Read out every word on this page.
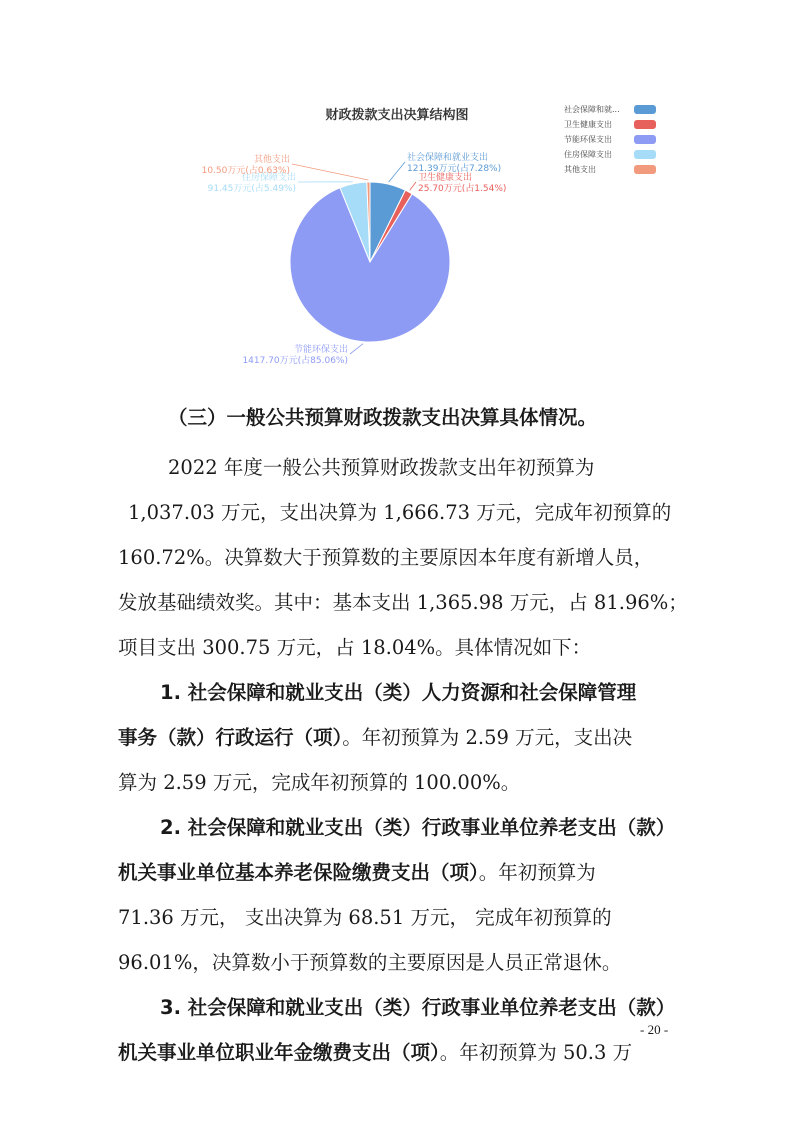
财政拨款支出决算结构图
社会保障和就业支出
121.39万元(占7.28%)
卫生健康支出
25.70万元(占1.54%)
节能环保支出
1417.70万元(占85.06%)
住房保障支出
91.45万元(占5.49%)
其他支出
10.50万元(占0.63%)
社会保障和就...
卫生健康支出
节能环保支出
住房保障支出
其他支出
（三）一般公共预算财政拨款支出决算具体情况。
2022 年度一般公共预算财政拨款支出年初预算为
1,037.03 万元，支出决算为 1,666.73 万元，完成年初预算的
160.72%。决算数大于预算数的主要原因本年度有新增人员，
发放基础绩效奖。其中：基本支出 1,365.98 万元，占 81.96%；
项目支出 300.75 万元，占 18.04%。具体情况如下：
1. 社会保障和就业支出（类）人力资源和社会保障管理
事务（款）行政运行（项）。年初预算为 2.59 万元，支出决
算为 2.59 万元，完成年初预算的 100.00%。
2. 社会保障和就业支出（类）行政事业单位养老支出（款）
机关事业单位基本养老保险缴费支出（项）。年初预算为
71.36 万元， 支出决算为 68.51 万元， 完成年初预算的
96.01%，决算数小于预算数的主要原因是人员正常退休。
3. 社会保障和就业支出（类）行政事业单位养老支出（款）
机关事业单位职业年金缴费支出（项）。年初预算为 50.3 万
- 20 -
